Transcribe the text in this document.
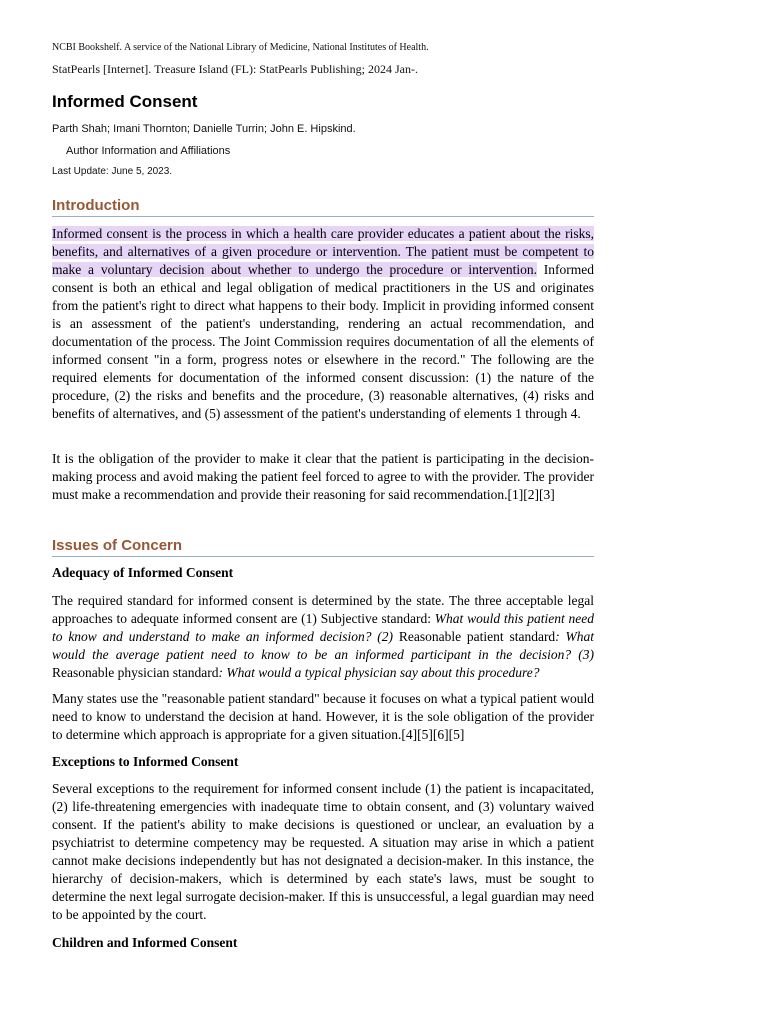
NCBI Bookshelf. A service of the National Library of Medicine, National Institutes of Health.
StatPearls [Internet]. Treasure Island (FL): StatPearls Publishing; 2024 Jan-.
Informed Consent
Parth Shah; Imani Thornton; Danielle Turrin; John E. Hipskind.
Author Information and Affiliations
Last Update: June 5, 2023.
Introduction

Informed consent is the process in which a health care provider educates a patient about the risks, benefits, and alternatives of a given procedure or intervention. The patient must be competent to make a voluntary decision about whether to undergo the procedure or intervention. Informed consent is both an ethical and legal obligation of medical practitioners in the US and originates from the patient's right to direct what happens to their body. Implicit in providing informed consent is an assessment of the patient's understanding, rendering an actual recommendation, and documentation of the process. The Joint Commission requires documentation of all the elements of informed consent "in a form, progress notes or elsewhere in the record." The following are the required elements for documentation of the informed consent discussion: (1) the nature of the procedure, (2) the risks and benefits and the procedure, (3) reasonable alternatives, (4) risks and benefits of alternatives, and (5) assessment of the patient's understanding of elements 1 through 4.

It is the obligation of the provider to make it clear that the patient is participating in the decision-making process and avoid making the patient feel forced to agree to with the provider. The provider must make a recommendation and provide their reasoning for said recommendation.[1][2][3]

Issues of Concern
Adequacy of Informed Consent

The required standard for informed consent is determined by the state. The three acceptable legal approaches to adequate informed consent are (1) Subjective standard: What would this patient need to know and understand to make an informed decision? (2) Reasonable patient standard: What would the average patient need to know to be an informed participant in the decision? (3) Reasonable physician standard: What would a typical physician say about this procedure?

Many states use the "reasonable patient standard" because it focuses on what a typical patient would need to know to understand the decision at hand. However, it is the sole obligation of the provider to determine which approach is appropriate for a given situation.[4][5][6][5]

Exceptions to Informed Consent

Several exceptions to the requirement for informed consent include (1) the patient is incapacitated, (2) life-threatening emergencies with inadequate time to obtain consent, and (3) voluntary waived consent. If the patient's ability to make decisions is questioned or unclear, an evaluation by a psychiatrist to determine competency may be requested. A situation may arise in which a patient cannot make decisions independently but has not designated a decision-maker. In this instance, the hierarchy of decision-makers, which is determined by each state's laws, must be sought to determine the next legal surrogate decision-maker. If this is unsuccessful, a legal guardian may need to be appointed by the court.

Children and Informed Consent
